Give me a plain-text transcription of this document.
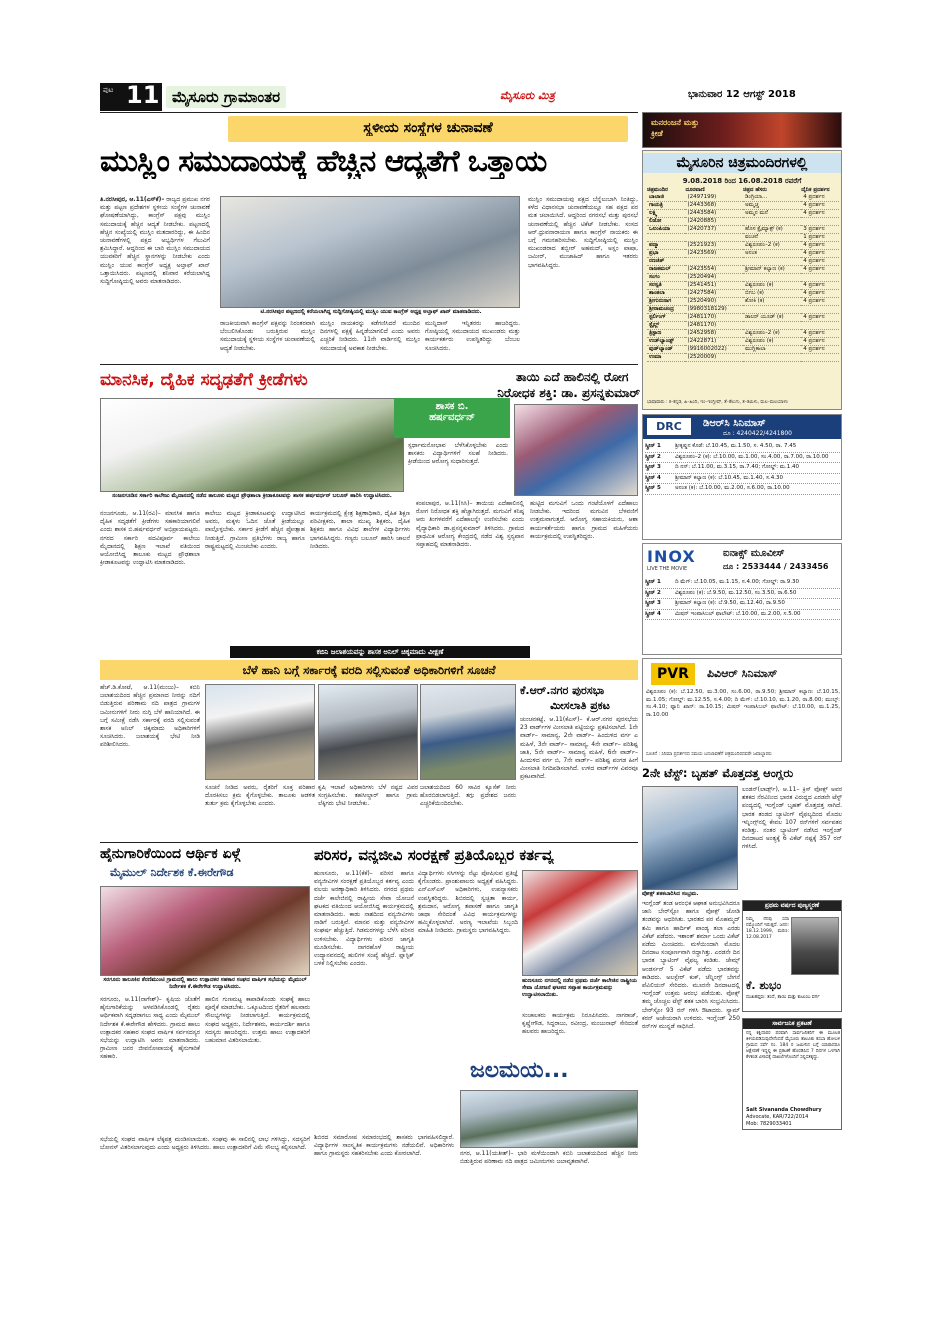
ಪುಟ 11 ಮೈಸೂರು ಗ್ರಾಮಾಂತರ	ಮೈಸೂರು ಮಿತ್ರ	ಭಾನುವಾರ 12 ಆಗಸ್ಟ್ 2018
ಸ್ಥಳೀಯ ಸಂಸ್ಥೆಗಳ ಚುನಾವಣೆ
ಮುಸ್ಲಿಂ ಸಮುದಾಯಕ್ಕೆ ಹೆಚ್ಚಿನ ಆದ್ಯತೆಗೆ ಒತ್ತಾಯ
ತಿ.ನರಸೀಪುರ, ಆ.11(ಎಸ್‌ಕೆ)– ರಾಜ್ಯದ ಪ್ರಮುಖ ನಗರ ಮತ್ತು ಪಟ್ಟಣ ಪ್ರದೇಶಗಳ ಸ್ಥಳೀಯ ಸಂಸ್ಥೆಗಳ ಚುನಾವಣೆ ಘೋಷಣೆಯಾಗಿದ್ದು, ಕಾಂಗ್ರೆಸ್ ಪಕ್ಷವು ಮುಸ್ಲಿಂ ಸಮುದಾಯಕ್ಕೆ ಹೆಚ್ಚಿನ ಆದ್ಯತೆ ನೀಡಬೇಕು. ಪಟ್ಟಣದಲ್ಲಿ ಹೆಚ್ಚಿನ ಸಂಖ್ಯೆಯಲ್ಲಿ ಮುಸ್ಲಿಂ ಮತದಾರರಿದ್ದು, ಈ ಹಿಂದಿನ ಚುನಾವಣೆಗಳಲ್ಲಿ ಪಕ್ಷದ ಅಭ್ಯರ್ಥಿಗಳ ಗೆಲುವಿಗೆ ಶ್ರಮಿಸಿದ್ದಾರೆ. ಆದ್ದರಿಂದ ಈ ಬಾರಿ ಮುಸ್ಲಿಂ ಸಮುದಾಯದ ಯುವಕರಿಗೆ ಹೆಚ್ಚಿನ ಸ್ಥಾನಗಳನ್ನು ನೀಡಬೇಕು ಎಂದು ಮುಸ್ಲಿಂ ಯುವ ಕಾಂಗ್ರೆಸ್ ಅಧ್ಯಕ್ಷ ಅಲ್ತಾಫ್ ಖಾನ್ ಒತ್ತಾಯಿಸಿದರು. ಪಟ್ಟಣದಲ್ಲಿ ಶನಿವಾರ ಕರೆಯಲಾಗಿದ್ದ ಸುದ್ದಿಗೋಷ್ಠಿಯಲ್ಲಿ ಅವರು ಮಾತನಾಡಿದರು.
ಟಿ.ನರಸೀಪುರ ಪಟ್ಟಣದಲ್ಲಿ ಕರೆಯಲಾಗಿದ್ದ ಸುದ್ದಿಗೋಷ್ಠಿಯಲ್ಲಿ ಮುಸ್ಲಿಂ ಯುವ ಕಾಂಗ್ರೆಸ್ ಅಧ್ಯಕ್ಷ ಅಲ್ತಾಫ್ ಖಾನ್ ಮಾತನಾಡಿದರು.
ರಾಜಕೀಯವಾಗಿ ಕಾಂಗ್ರೆಸ್ ಪಕ್ಷವನ್ನು ನಿರಂತರವಾಗಿ ಬೆಂಬಲಿಸಿಕೊಂಡು ಬರುತ್ತಿರುವ ಮುಸ್ಲಿಂ ಸಮುದಾಯಕ್ಕೆ ಸ್ಥಳೀಯ ಸಂಸ್ಥೆಗಳ ಚುನಾವಣೆಯಲ್ಲಿ ಆದ್ಯತೆ ನೀಡಬೇಕು.
ಮುಸ್ಲಿಂ ನಾಯಕರನ್ನು ಕಡೆಗಣಿಸಿದರೆ ಮುಂದಿನ ದಿನಗಳಲ್ಲಿ ಪಕ್ಷಕ್ಕೆ ಹಿನ್ನಡೆಯಾಗಲಿದೆ ಎಂದು ಅವರು ಎಚ್ಚರಿಕೆ ನೀಡಿದರು. 11ನೇ ವಾರ್ಡಿನಲ್ಲಿ ಮುಸ್ಲಿಂ ಸಮುದಾಯಕ್ಕೆ ಅವಕಾಶ ನೀಡಬೇಕು.
ಮುನ್ನಿದಾಸ್ ಇನ್ನಿತರರು ಹಾಜರಿದ್ದರು. ಗೋಷ್ಠಿಯಲ್ಲಿ ಸಮುದಾಯದ ಮುಖಂಡರು ಮತ್ತು ಕಾರ್ಯಕರ್ತರು ಉಪಸ್ಥಿತರಿದ್ದು ಬೆಂಬಲ ಸೂಚಿಸಿದರು.
ಮುಸ್ಲಿಂ ಸಮುದಾಯವು ಪಕ್ಷದ ಬೆನ್ನೆಲುಬಾಗಿ ನಿಂತಿದ್ದು, ಕಳೆದ ವಿಧಾನಸಭಾ ಚುನಾವಣೆಯಲ್ಲೂ ಸಹ ಪಕ್ಷದ ಪರ ಮತ ಚಲಾಯಿಸಿದೆ. ಆದ್ದರಿಂದ ನಗರಸಭೆ ಮತ್ತು ಪುರಸಭೆ ಚುನಾವಣೆಯಲ್ಲಿ ಹೆಚ್ಚಿನ ಟಿಕೆಟ್ ನೀಡಬೇಕು. ಸಂಸದ ಆರ್.ಧ್ರುವನಾರಾಯಣ ಹಾಗೂ ಕಾಂಗ್ರೆಸ್ ನಾಯಕರು ಈ ಬಗ್ಗೆ ಗಮನಹರಿಸಬೇಕು. ಸುದ್ದಿಗೋಷ್ಠಿಯಲ್ಲಿ ಮುಸ್ಲಿಂ ಮುಖಂಡರಾದ ಶಬ್ಬೀರ್ ಅಹಮದ್, ಅಸ್ಲಂ ಪಾಷಾ, ಜಮೀರ್, ಮುಜಾಹಿದ್ ಹಾಗೂ ಇತರರು ಭಾಗವಹಿಸಿದ್ದರು.
ಮನರಂಜನೆ ಮತ್ತು ಕ್ರೀಡೆ
ಮೈಸೂರಿನ ಚಿತ್ರಮಂದಿರಗಳಲ್ಲಿ
9.08.2018 ರಿಂದ 16.08.2018 ರವರೆಗೆ
ಚಿತ್ರಮಂದಿರ	ದೂರವಾಣಿ	ಚಿತ್ರದ ಹೆಸರು	ದೈನಿಕ ಪ್ರದರ್ಶನ
ಬಾಲಾಜಿ	(2497199)	ಡಿಂಗ್ರಿಯಾ...	4 ಪ್ರದರ್ಶನ
ಗಾಯತ್ರಿ	(2443368)	ಅಮ್ಮಚ್ಚ	4 ಪ್ರದರ್ಶನ
ಲಕ್ಷ್ಮಿ	(2443584)	ಅಮ್ಮನ ಮನೆ	4 ಪ್ರದರ್ಶನ
ಲಿಡೋ	(2420885)		
ಒಲಂಪಿಯಾ	(2420737)	ಹೊಸ ಕ್ಲೈಮ್ಯಾಕ್ಸ್ (ಕ)	3 ಪ್ರದರ್ಶನ
		ವಂಚನೆ	1 ಪ್ರದರ್ಶನ
ಪದ್ಮಾ	(2521923)	ವಿಶ್ವರೂಪಂ–2 (ಕ)	4 ಪ್ರದರ್ಶನ
ಪ್ರಭಾ	(2423569)	ಅನಂತ	4 ಪ್ರದರ್ಶನ
ರಣಜಿತ್			4 ಪ್ರದರ್ಶನ
ರಾಜಕಮಲ್	(2423554)	ಶ್ರೀಮಾನ್ ಕಲ್ಯಾಣ (ಕ)	4 ಪ್ರದರ್ಶನ
ಸಂಗಂ	(2520494)		
ಸರಸ್ವತಿ	(2541451)	ವಿಶ್ವರೂಪಂ (ಕ)	4 ಪ್ರದರ್ಶನ
ಶಾಂತಲಾ	(2427584)	ಬಿಗಬ (ಕ)	4 ಪ್ರದರ್ಶನ
ಶ್ರೀಗುರುನಾಗ	(2520490)	ಶೋಕಿ (ಕ)	4 ಪ್ರದರ್ಶನ
ಶ್ರೀರಾಮಚಂದ್ರ	(9980318129)		
ಸ್ಟರ್ಲಿಂಗ್	(2481170)	ಡಾಲರ್ ಯೂಡ್ (ಕ)	4 ಪ್ರದರ್ಶನ
ಸ್ಟೈಲ್ಲ್	(2481170)		
ತ್ರಿಸ್ಟಾಣ	(2452958)	ವಿಶ್ವರೂಪಂ–2 (ಕ)	4 ಪ್ರದರ್ಶನ
ಉಡ್‌ಲ್ಯಾಂಡ್ಸ್	(2422871)	ವಿಶ್ವರೂಪಂ (ಕ)	4 ಪ್ರದರ್ಶನ
ವುಡ್‌ಲ್ಯಾಂಡ್	(9916002022)	ಮುಗ್ಲಿಕಾಲಾ	4 ಪ್ರದರ್ಶನ
ಉಮಾ	(2520009)		
ಭಾಷಾವಾರು : ಕ–ಕನ್ನಡ, ಹಿ–ಹಿಂದಿ, ಇಂ–ಇಂಗ್ಲೀಷ್, ತೆ–ತೆಲುಗು, ತ–ತಮಿಳು, ಮಲ–ಮಲಯಾಳಂ
DRC	ಡಿಆರ್‌ಸಿ ಸಿನಿಮಾಸ್
ದೂ : 4240422/4241800
ಸ್ಕ್ರೀನ್ 1	ಶ್ರೀಕೃಷ್ಣನ ಕೊಡೆ: ಬೆ.10.45, ಮ.1.50, ಸ. 4.50, ರಾ. 7.45
ಸ್ಕ್ರೀನ್ 2	ವಿಶ್ವರೂಪಂ–2 (ಕ): ಬೆ.10.00, ಮ.1.00, ಸಂ.4.00, ರಾ.7.00, ರಾ.10.00
ಸ್ಕ್ರೀನ್ 3	ದಿ ನನ್: ಬೆ.11.00, ಮ.3.15, ರಾ.7.40; ಗೋಲ್ಡ್: ಮ.1.40
ಸ್ಕ್ರೀನ್ 4	ಶ್ರೀಮಾನ್ ಕಲ್ಯಾಣ (ಕ): ಬೆ.10.45, ಮ.1.40, ಸ.4.30
ಸ್ಕ್ರೀನ್ 5	ಅನಂತ (ಕ): ಬೆ.10.00, ಮ.2.00, ಸ.6.00, ರಾ.10.00
INOX
LIVE THE MOVIE
ಐನಾಕ್ಸ್ ಮೂವೀಸ್
ದೂ : 2533444 / 2433456
ಸ್ಕ್ರೀನ್ 1	ದಿ ಮೆಗ್: ಬೆ.10.05, ಮ.1.15, ಸ.4.00; ಗೋಲ್ಡ್: ರಾ.9.30
ಸ್ಕ್ರೀನ್ 2	ವಿಶ್ವರೂಪಂ (ಕ): ಬೆ.9.50, ಮ.12.50, ಸಂ.3.50, ರಾ.6.50
ಸ್ಕ್ರೀನ್ 3	ಶ್ರೀಮಾನ್ ಕಲ್ಯಾಣ (ಕ): ಬೆ.9.50, ಮ.12.40, ರಾ.9.50
ಸ್ಕ್ರೀನ್ 4	ಮಿಷನ್ ಇಂಪಾಸಿಬಲ್ ಫಾಲೌಟ್: ಬೆ.10.00, ಮ.2.00, ಸ.5.00
PVR	ಪಿವಿಆರ್ ಸಿನಿಮಾಸ್
ವಿಶ್ವರೂಪಂ (ಕ): ಬೆ.12.50, ಮ.3.00, ಸಂ.6.00, ರಾ.9.50; ಶ್ರೀಮಾನ್ ಕಲ್ಯಾಣ: ಬೆ.10.15, ಮ.1.05; ಗೋಲ್ಡ್: ಮ.12.55, ಸ.4.00; ದಿ ಮೆಗ್: ಬೆ.10.10, ಮ.1.20, ರಾ.8.00; ಮುಲ್ಕ್: ಸಂ.4.10; ಫ್ಯಾನಿ ಖಾನ್: ರಾ.10.15; ಮಿಷನ್ ಇಂಪಾಸಿಬಲ್ ಫಾಲೌಟ್: ಬೆ.10.00, ಮ.1.25, ರಾ.10.00
ಸೂಚನೆ : ಸಿನಿಮಾ ಪ್ರದರ್ಶನದ ಸಮಯ ಬದಲಾವಣೆಗೆ ಚಿತ್ರಮಂದಿರದವರೇ ಜವಾಬ್ದಾರರು
2ನೇ ಟೆಸ್ಟ್: ಬೃಹತ್ ಮೊತ್ತದತ್ತ ಆಂಗ್ಲರು
ವೋಕ್ಸ್ ಶತಕಬಾರಿಸಿದ ಸಂಭ್ರಮ.
ಲಂಡನ್(ಲಾರ್ಡ್ಸ್), ಆ.11– ಕ್ರಿಸ್ ವೋಕ್ಸ್ ಅವರ ಶತಕದ ನೆರವಿನಿಂದ ಭಾರತ ವಿರುದ್ಧದ ಎರಡನೇ ಟೆಸ್ಟ್ ಪಂದ್ಯದಲ್ಲಿ ಇಂಗ್ಲೆಂಡ್ ಬೃಹತ್ ಮೊತ್ತದತ್ತ ಸಾಗಿದೆ. ಭಾರತ ತಂಡದ ಬ್ಯಾಟಿಂಗ್ ವೈಫಲ್ಯದಿಂದ ಮೊದಲ ಇನ್ನಿಂಗ್ಸ್‌ನಲ್ಲಿ ಕೇವಲ 107 ರನ್‌ಗಳಿಗೆ ಸರ್ವಪತನ ಕಂಡಿತ್ತು. ನಂತರ ಬ್ಯಾಟಿಂಗ್ ನಡೆಸಿದ ಇಂಗ್ಲೆಂಡ್ ದಿನದಾಟದ ಅಂತ್ಯಕ್ಕೆ 6 ವಿಕೆಟ್ ನಷ್ಟಕ್ಕೆ 357 ರನ್ ಗಳಿಸಿದೆ.
ಇಂಗ್ಲೆಂಡ್ ತಂಡ ಆರಂಭಿಕ ಆಘಾತ ಅನುಭವಿಸಿದರೂ ಜಾನಿ ಬೇರ್‌ಸ್ಟೋ ಹಾಗೂ ವೋಕ್ಸ್ ಜೋಡಿ ತಂಡವನ್ನು ಆಧರಿಸಿತು. ಭಾರತದ ಪರ ಮೊಹಮ್ಮದ್ ಶಮಿ ಹಾಗೂ ಹಾರ್ದಿಕ್ ಪಾಂಡ್ಯ ತಲಾ ಎರಡು ವಿಕೆಟ್ ಪಡೆದರು. ಇಶಾಂತ್ ಶರ್ಮಾ ಒಂದು ವಿಕೆಟ್ ಪಡೆದು ಮಿಂಚಿದರು. ಮಳೆಯಿಂದಾಗಿ ಮೊದಲ ದಿನದಾಟ ಸಂಪೂರ್ಣವಾಗಿ ರದ್ದಾಗಿತ್ತು. ಎರಡನೇ ದಿನ ಭಾರತ ಬ್ಯಾಟಿಂಗ್ ವೈಫಲ್ಯ ಕಂಡಿತು. ಜೇಮ್ಸ್ ಆಂಡರ್ಸನ್ 5 ವಿಕೆಟ್ ಪಡೆದು ಭಾರತವನ್ನು ಕಾಡಿದರು. ಅಲಸ್ಟೇರ್ ಕುಕ್, ಜೆನ್ನಿಂಗ್ಸ್ ಬೇಗನೆ ಪೆವಿಲಿಯನ್ ಸೇರಿದರು. ಮೂರನೇ ದಿನದಾಟದಲ್ಲಿ ಇಂಗ್ಲೆಂಡ್ ಉತ್ತಮ ಆರಂಭ ಪಡೆಯಿತು. ವೋಕ್ಸ್ ತಮ್ಮ ಚೊಚ್ಚಲ ಟೆಸ್ಟ್ ಶತಕ ಬಾರಿಸಿ ಸಂಭ್ರಮಿಸಿದರು. ಬೇರ್‌ಸ್ಟೋ 93 ರನ್ ಗಳಿಸಿ ಔಟಾದರು. ಸ್ಯಾಮ್ ಕರನ್ ಅಜೇಯರಾಗಿ ಉಳಿದರು. ಇಂಗ್ಲೆಂಡ್ 250 ರನ್‌ಗಳ ಮುನ್ನಡೆ ಸಾಧಿಸಿದೆ.
ಪ್ರಥಮ ವರ್ಷದ ಪುಣ್ಯಸ್ಮರಣೆ
ನಿಮ್ಮ ನೆನಪು ಸದಾ ನಮ್ಮೊಂದಿಗೆ ಇರುತ್ತದೆ. ಜನನ: 18.12.1999, ಮರಣ: 12.08.2017
ಕೆ. ಶುಭಂ
ದುಃಖತಪ್ತರು: ತಂದೆ, ತಾಯಿ ಮತ್ತು ಕುಟುಂಬ ವರ್ಗ
ಸಾರ್ವಜನಿಕ ಪ್ರಕಟಣೆ
ನನ್ನ ಕಕ್ಷಿದಾರರ ಪರವಾಗಿ ಸಾರ್ವಜನಿಕರಿಗೆ ಈ ಮೂಲಕ ತಿಳಿಯಪಡಿಸುವುದೇನೆಂದರೆ ಮೈಸೂರು ತಾಲೂಕು ಕಸಬಾ ಹೋಬಳಿ ಗ್ರಾಮದ ಸರ್ವೆ ನಂ. 184 ರ ಜಮೀನಿನ ಬಗ್ಗೆ ಯಾರಾದರೂ ಆಕ್ಷೇಪಣೆ ಇದ್ದಲ್ಲಿ ಈ ಪ್ರಕಟಣೆ ಹೊರಡಿಸಿದ 7 ದಿನಗಳ ಒಳಗಾಗಿ ಕೆಳಕಂಡ ವಿಳಾಸಕ್ಕೆ ದಾಖಲೆಗಳೊಂದಿಗೆ ಸಲ್ಲಿಸತಕ್ಕದ್ದು.
Sait Sivananda Chowdhury
Advocate, KAR/722/2014
Mob: 7829033401
ಮಾನಸಿಕ, ದೈಹಿಕ ಸದೃಢತೆಗೆ ಕ್ರೀಡೆಗಳು
ಶಾಸಕ ಬಿ.
ಹರ್ಷವರ್ಧನ್
ಸ್ಪರ್ಧಾಮನೋಭಾವ ಬೆಳೆಸಿಕೊಳ್ಳಬೇಕು ಎಂದು ಶಾಸಕರು ವಿದ್ಯಾರ್ಥಿಗಳಿಗೆ ಸಲಹೆ ನೀಡಿದರು. ಕ್ರೀಡೆಯಿಂದ ಆರೋಗ್ಯ ಸುಧಾರಿಸುತ್ತದೆ.
ನಂಜನಗೂಡಿನ ಸರ್ಕಾರಿ ಕಾಲೇಜು ಮೈದಾನದಲ್ಲಿ ನಡೆದ ತಾಲೂಕು ಮಟ್ಟದ ಪ್ರೌಢಶಾಲಾ ಕ್ರೀಡಾಕೂಟವನ್ನು ಶಾಸಕ ಹರ್ಷವರ್ಧನ್ ಬಲೂನ್ ಹಾರಿಸಿ ಉದ್ಘಾಟಿಸಿದರು.
ನಂಜನಗೂಡು, ಆ.11(ರವಿ)– ಮಾನಸಿಕ ಹಾಗೂ ದೈಹಿಕ ಸದೃಢತೆಗೆ ಕ್ರೀಡೆಗಳು ಸಹಕಾರಿಯಾಗಲಿವೆ ಎಂದು ಶಾಸಕ ಬಿ.ಹರ್ಷವರ್ಧನ್ ಅಭಿಪ್ರಾಯಪಟ್ಟರು. ನಗರದ ಸರ್ಕಾರಿ ಪದವಿಪೂರ್ವ ಕಾಲೇಜು ಮೈದಾನದಲ್ಲಿ ಶಿಕ್ಷಣ ಇಲಾಖೆ ವತಿಯಿಂದ ಆಯೋಜಿಸಿದ್ದ ತಾಲೂಕು ಮಟ್ಟದ ಪ್ರೌಢಶಾಲಾ ಕ್ರೀಡಾಕೂಟವನ್ನು ಉದ್ಘಾಟಿಸಿ ಮಾತನಾಡಿದರು.
ಕಾಲೇಜು ಮಟ್ಟದ ಕ್ರೀಡಾಕೂಟವನ್ನು ಉದ್ಘಾಟಿಸಿದ ಅವರು, ಮಕ್ಕಳು ಓದಿನ ಜೊತೆ ಕ್ರೀಡೆಯಲ್ಲೂ ಪಾಲ್ಗೊಳ್ಳಬೇಕು. ಸರ್ಕಾರ ಕ್ರೀಡೆಗೆ ಹೆಚ್ಚಿನ ಪ್ರೋತ್ಸಾಹ ನೀಡುತ್ತಿದೆ. ಗ್ರಾಮೀಣ ಪ್ರತಿಭೆಗಳು ರಾಜ್ಯ ಹಾಗೂ ರಾಷ್ಟ್ರಮಟ್ಟದಲ್ಲಿ ಮಿಂಚಬೇಕು ಎಂದರು.
ಕಾರ್ಯಕ್ರಮದಲ್ಲಿ ಕ್ಷೇತ್ರ ಶಿಕ್ಷಣಾಧಿಕಾರಿ, ದೈಹಿಕ ಶಿಕ್ಷಣ ಪರಿವೀಕ್ಷಕರು, ಶಾಲಾ ಮುಖ್ಯ ಶಿಕ್ಷಕರು, ದೈಹಿಕ ಶಿಕ್ಷಕರು ಹಾಗೂ ವಿವಿಧ ಶಾಲೆಗಳ ವಿದ್ಯಾರ್ಥಿಗಳು ಭಾಗವಹಿಸಿದ್ದರು. ಗಣ್ಯರು ಬಲೂನ್ ಹಾರಿಸಿ ಚಾಲನೆ ನೀಡಿದರು.
ತಾಯಿ ಎದೆ ಹಾಲಿನಲ್ಲಿ ರೋಗ
ನಿರೋಧಕ ಶಕ್ತಿ: ಡಾ. ಪ್ರಸನ್ನಕುಮಾರ್
ಕಂಪಲಾಪುರ, ಆ.11(ಸಿಸಿ)– ತಾಯಿಯ ಎದೆಹಾಲಿನಲ್ಲಿ ರೋಗ ನಿರೋಧಕ ಶಕ್ತಿ ಹೆಚ್ಚಾಗಿರುತ್ತದೆ. ಮಗುವಿಗೆ ಕನಿಷ್ಠ ಆರು ತಿಂಗಳವರೆಗೆ ಎದೆಹಾಲನ್ನೇ ಉಣಿಸಬೇಕು ಎಂದು ವೈದ್ಯಾಧಿಕಾರಿ ಡಾ.ಪ್ರಸನ್ನಕುಮಾರ್ ತಿಳಿಸಿದರು. ಗ್ರಾಮದ ಪ್ರಾಥಮಿಕ ಆರೋಗ್ಯ ಕೇಂದ್ರದಲ್ಲಿ ನಡೆದ ವಿಶ್ವ ಸ್ತನ್ಯಪಾನ ಸಪ್ತಾಹದಲ್ಲಿ ಮಾತನಾಡಿದರು.
ಹುಟ್ಟಿದ ಮಗುವಿಗೆ ಒಂದು ಗಂಟೆಯೊಳಗೆ ಎದೆಹಾಲು ನೀಡಬೇಕು. ಇದರಿಂದ ಮಗುವಿನ ಬೆಳವಣಿಗೆ ಉತ್ತಮವಾಗುತ್ತದೆ. ಆರೋಗ್ಯ ಸಹಾಯಕಿಯರು, ಆಶಾ ಕಾರ್ಯಕರ್ತೆಯರು ಹಾಗೂ ಗ್ರಾಮದ ಮಹಿಳೆಯರು ಕಾರ್ಯಕ್ರಮದಲ್ಲಿ ಉಪಸ್ಥಿತರಿದ್ದರು.
ಕಬಿನಿ ಜಲಾಶಯವನ್ನು ಶಾಸಕ ಅನಿಲ್ ಚಿಕ್ಕಮಾದು ವೀಕ್ಷಣೆ
ಬೆಳೆ ಹಾನಿ ಬಗ್ಗೆ ಸರ್ಕಾರಕ್ಕೆ ವರದಿ ಸಲ್ಲಿಸುವಂತೆ ಅಧಿಕಾರಿಗಳಿಗೆ ಸೂಚನೆ
ಕೆ.ಆರ್.ನಗರ ಪುರಸಭಾ
ಮೀಸಲಾತಿ ಪ್ರಕಟ
ಚುಂಚನಕಟ್ಟೆ, ಆ.11(ಕೆಎಸ್)– ಕೆ.ಆರ್.ನಗರ ಪುರಸಭೆಯ 23 ವಾರ್ಡ್‌ಗಳ ಮೀಸಲಾತಿ ಪಟ್ಟಿಯನ್ನು ಪ್ರಕಟಿಸಲಾಗಿದೆ. 1ನೇ ವಾರ್ಡ್– ಸಾಮಾನ್ಯ, 2ನೇ ವಾರ್ಡ್– ಹಿಂದುಳಿದ ವರ್ಗ ಎ ಮಹಿಳೆ, 3ನೇ ವಾರ್ಡ್– ಸಾಮಾನ್ಯ, 4ನೇ ವಾರ್ಡ್– ಪರಿಶಿಷ್ಟ ಜಾತಿ, 5ನೇ ವಾರ್ಡ್– ಸಾಮಾನ್ಯ ಮಹಿಳೆ, 6ನೇ ವಾರ್ಡ್– ಹಿಂದುಳಿದ ವರ್ಗ ಬಿ, 7ನೇ ವಾರ್ಡ್– ಪರಿಶಿಷ್ಟ ಪಂಗಡ ಹೀಗೆ ಮೀಸಲಾತಿ ನಿಗದಿಪಡಿಸಲಾಗಿದೆ. ಉಳಿದ ವಾರ್ಡ್‌ಗಳ ವಿವರವೂ ಪ್ರಕಟವಾಗಿದೆ.
ಹೆಚ್.ಡಿ.ಕೋಟೆ, ಆ.11(ಮಂಜು)– ಕಬಿನಿ ಜಲಾಶಯದಿಂದ ಹೆಚ್ಚಿನ ಪ್ರಮಾಣದ ನೀರನ್ನು ನದಿಗೆ ಬಿಡುತ್ತಿರುವ ಪರಿಣಾಮ ನದಿ ಪಾತ್ರದ ಗ್ರಾಮಗಳ ಜಮೀನುಗಳಿಗೆ ನೀರು ನುಗ್ಗಿ ಬೆಳೆ ಹಾನಿಯಾಗಿದೆ. ಈ ಬಗ್ಗೆ ಸಮೀಕ್ಷೆ ನಡೆಸಿ ಸರ್ಕಾರಕ್ಕೆ ವರದಿ ಸಲ್ಲಿಸುವಂತೆ ಶಾಸಕ ಅನಿಲ್ ಚಿಕ್ಕಮಾದು ಅಧಿಕಾರಿಗಳಿಗೆ ಸೂಚಿಸಿದರು. ಜಲಾಶಯಕ್ಕೆ ಭೇಟಿ ನೀಡಿ ಪರಿಶೀಲಿಸಿದರು.
ಸೂಚನೆ ನೀಡಿದ ಅವರು, ರೈತರಿಗೆ ಸೂಕ್ತ ಪರಿಹಾರ ದೊರಕಿಸಲು ಕ್ರಮ ಕೈಗೊಳ್ಳಬೇಕು. ತಾಲೂಕು ಆಡಳಿತ ತುರ್ತು ಕ್ರಮ ಕೈಗೊಳ್ಳಬೇಕು ಎಂದರು.
ಕೃಷಿ ಇಲಾಖೆ ಅಧಿಕಾರಿಗಳು ಬೆಳೆ ನಷ್ಟದ ವಿವರ ಸಂಗ್ರಹಿಸಬೇಕು. ತಹಸೀಲ್ದಾರ್ ಹಾಗೂ ಗ್ರಾಮ ಲೆಕ್ಕಿಗರು ಭೇಟಿ ನೀಡಬೇಕು.
ಜಲಾಶಯದಿಂದ 60 ಸಾವಿರ ಕ್ಯೂಸೆಕ್ ನೀರು ಹೊರಬಿಡಲಾಗುತ್ತಿದೆ. ತಗ್ಗು ಪ್ರದೇಶದ ಜನರು ಎಚ್ಚರಿಕೆಯಿಂದಿರಬೇಕು.
ಹೈನುಗಾರಿಕೆಯಿಂದ ಆರ್ಥಿಕ ಏಳ್ಗೆ
ಮೈಮುಲ್ ನಿರ್ದೇಶಕ ಕೆ.ಈರೇಗೌಡ
ಸರಗೂರು ತಾಲೂಕಿನ ತೆರಣಿಮುಂಟಿ ಗ್ರಾಮದಲ್ಲಿ ಹಾಲು ಉತ್ಪಾದಕರ ಸಹಕಾರ ಸಂಘದ ವಾರ್ಷಿಕ ಸಭೆಯನ್ನು ಮೈಮುಲ್ ನಿರ್ದೇಶಕ ಕೆ.ಈರೇಗೌಡ ಉದ್ಘಾಟಿಸಿದರು.
ಸರಗೂರು, ಆ.11(ನಾಗೇಶ್)– ಕೃಷಿಯ ಜೊತೆಗೆ ಹೈನುಗಾರಿಕೆಯನ್ನು ಅಳವಡಿಸಿಕೊಂಡಲ್ಲಿ ರೈತರು ಆರ್ಥಿಕವಾಗಿ ಸದೃಢರಾಗಲು ಸಾಧ್ಯ ಎಂದು ಮೈಮುಲ್ ನಿರ್ದೇಶಕ ಕೆ.ಈರೇಗೌಡ ಹೇಳಿದರು. ಗ್ರಾಮದ ಹಾಲು ಉತ್ಪಾದಕರ ಸಹಕಾರ ಸಂಘದ ವಾರ್ಷಿಕ ಸರ್ವಸದಸ್ಯರ ಸಭೆಯನ್ನು ಉದ್ಘಾಟಿಸಿ ಅವರು ಮಾತನಾಡಿದರು. ಗ್ರಾಮೀಣ ಜನರ ಜೀವನೋಪಾಯಕ್ಕೆ ಹೈನುಗಾರಿಕೆ ಸಹಕಾರಿ.
ಹಾಲಿನ ಗುಣಮಟ್ಟ ಕಾಪಾಡಿಕೊಂಡು ಸಂಘಕ್ಕೆ ಹಾಲು ಪೂರೈಕೆ ಮಾಡಬೇಕು. ಒಕ್ಕೂಟದಿಂದ ರೈತರಿಗೆ ಹಲವಾರು ಸೌಲಭ್ಯಗಳನ್ನು ನೀಡಲಾಗುತ್ತಿದೆ. ಕಾರ್ಯಕ್ರಮದಲ್ಲಿ ಸಂಘದ ಅಧ್ಯಕ್ಷರು, ನಿರ್ದೇಶಕರು, ಕಾರ್ಯದರ್ಶಿ ಹಾಗೂ ಸದಸ್ಯರು ಹಾಜರಿದ್ದರು. ಉತ್ತಮ ಹಾಲು ಉತ್ಪಾದಕರಿಗೆ ಬಹುಮಾನ ವಿತರಿಸಲಾಯಿತು.
ಪರಿಸರ, ವನ್ಯಜೀವಿ ಸಂರಕ್ಷಣೆ ಪ್ರತಿಯೊಬ್ಬರ ಕರ್ತವ್ಯ
ಹುಣಸೂರು, ಆ.11(ಕೆಕೆ)– ಪರಿಸರ ಹಾಗೂ ವನ್ಯಜೀವಿಗಳ ಸಂರಕ್ಷಣೆ ಪ್ರತಿಯೊಬ್ಬರ ಕರ್ತವ್ಯ ಎಂದು ವಲಯ ಅರಣ್ಯಾಧಿಕಾರಿ ತಿಳಿಸಿದರು. ನಗರದ ಪ್ರಥಮ ದರ್ಜೆ ಕಾಲೇಜಿನಲ್ಲಿ ರಾಷ್ಟ್ರೀಯ ಸೇವಾ ಯೋಜನೆ ಘಟಕದ ವತಿಯಿಂದ ಆಯೋಜಿಸಿದ್ದ ಕಾರ್ಯಕ್ರಮದಲ್ಲಿ ಮಾತನಾಡಿದರು. ಕಾಡು ನಾಶದಿಂದ ವನ್ಯಜೀವಿಗಳು ನಾಡಿಗೆ ಬರುತ್ತಿವೆ. ಮಾನವ ಮತ್ತು ವನ್ಯಜೀವಿಗಳ ಸಂಘರ್ಷ ಹೆಚ್ಚುತ್ತಿದೆ. ಗಿಡಮರಗಳನ್ನು ಬೆಳೆಸಿ ಪರಿಸರ ಉಳಿಸಬೇಕು. ವಿದ್ಯಾರ್ಥಿಗಳು ಪರಿಸರ ಜಾಗೃತಿ ಮೂಡಿಸಬೇಕು. ನಾಗರಹೊಳೆ ರಾಷ್ಟ್ರೀಯ ಉದ್ಯಾನವನದಲ್ಲಿ ಹುಲಿಗಳ ಸಂಖ್ಯೆ ಹೆಚ್ಚಿದೆ. ಪ್ಲಾಸ್ಟಿಕ್ ಬಳಕೆ ನಿಲ್ಲಿಸಬೇಕು ಎಂದರು.
ವಿದ್ಯಾರ್ಥಿಗಳು ಸಸಿಗಳನ್ನು ನೆಟ್ಟು ಪೋಷಿಸುವ ಪ್ರತಿಜ್ಞೆ ಕೈಗೊಂಡರು. ಪ್ರಾಂಶುಪಾಲರು ಅಧ್ಯಕ್ಷತೆ ವಹಿಸಿದ್ದರು. ಎನ್‌ಎಸ್‌ಎಸ್ ಅಧಿಕಾರಿಗಳು, ಉಪನ್ಯಾಸಕರು ಉಪಸ್ಥಿತರಿದ್ದರು. ಶಿಬಿರದಲ್ಲಿ ಸ್ವಚ್ಛತಾ ಕಾರ್ಯ, ಶ್ರಮದಾನ, ಆರೋಗ್ಯ ತಪಾಸಣೆ ಹಾಗೂ ಜಾಗೃತಿ ಜಾಥಾ ಸೇರಿದಂತೆ ವಿವಿಧ ಕಾರ್ಯಕ್ರಮಗಳನ್ನು ಹಮ್ಮಿಕೊಳ್ಳಲಾಗಿದೆ. ಅರಣ್ಯ ಇಲಾಖೆಯ ಸಿಬ್ಬಂದಿ ಮಾಹಿತಿ ನೀಡಿದರು. ಗ್ರಾಮಸ್ಥರು ಭಾಗವಹಿಸಿದ್ದರು.
ಹುಣಸೂರು ನಗರದಲ್ಲಿ ನಡೆದ ಪ್ರಥಮ ದರ್ಜೆ ಕಾಲೇಜಿನ ರಾಷ್ಟ್ರೀಯ ಸೇವಾ ಯೋಜನೆ ಘಟಕದ ಸಪ್ತಾಹ ಕಾರ್ಯಕ್ರಮವನ್ನು ಉದ್ಘಾಟಿಸಲಾಯಿತು.
ಸಂಚಾಲಕರು ಕಾರ್ಯಕ್ರಮ ನಿರೂಪಿಸಿದರು. ನಾಗರಾಜ್, ಕೃಷ್ಣೇಗೌಡ, ಸಿದ್ದರಾಜು, ರವೀಂದ್ರ, ಮಂಜುನಾಥ್ ಸೇರಿದಂತೆ ಹಲವರು ಹಾಜರಿದ್ದರು.
ಜಲಮಯ...
ನಗರ, ಆ.11(ಯತೀಶ್)– ಭಾರಿ ಮಳೆಯಿಂದಾಗಿ ಕಬಿನಿ ಜಲಾಶಯದಿಂದ ಹೆಚ್ಚಿನ ನೀರು ಬಿಡುತ್ತಿರುವ ಪರಿಣಾಮ ನದಿ ಪಾತ್ರದ ಜಮೀನುಗಳು ಜಲಾವೃತವಾಗಿವೆ.
ಶಿಬಿರದ ಸಮಾರೋಪ ಸಮಾರಂಭದಲ್ಲಿ ಶಾಸಕರು ಭಾಗವಹಿಸಲಿದ್ದಾರೆ. ವಿದ್ಯಾರ್ಥಿಗಳ ಸಾಂಸ್ಕೃತಿಕ ಕಾರ್ಯಕ್ರಮಗಳು ನಡೆಯಲಿವೆ. ಅಧಿಕಾರಿಗಳು ಹಾಗೂ ಗ್ರಾಮಸ್ಥರು ಸಹಕರಿಸಬೇಕು ಎಂದು ಕೋರಲಾಗಿದೆ.
ಸಭೆಯಲ್ಲಿ ಸಂಘದ ವಾರ್ಷಿಕ ಲೆಕ್ಕಪತ್ರ ಮಂಡಿಸಲಾಯಿತು. ಸಂಘವು ಈ ಸಾಲಿನಲ್ಲಿ ಲಾಭ ಗಳಿಸಿದ್ದು, ಸದಸ್ಯರಿಗೆ ಬೋನಸ್ ವಿತರಿಸಲಾಗುವುದು ಎಂದು ಅಧ್ಯಕ್ಷರು ತಿಳಿಸಿದರು. ಹಾಲು ಉತ್ಪಾದಕರಿಗೆ ವಿಮೆ ಸೌಲಭ್ಯ ಕಲ್ಪಿಸಲಾಗಿದೆ.
